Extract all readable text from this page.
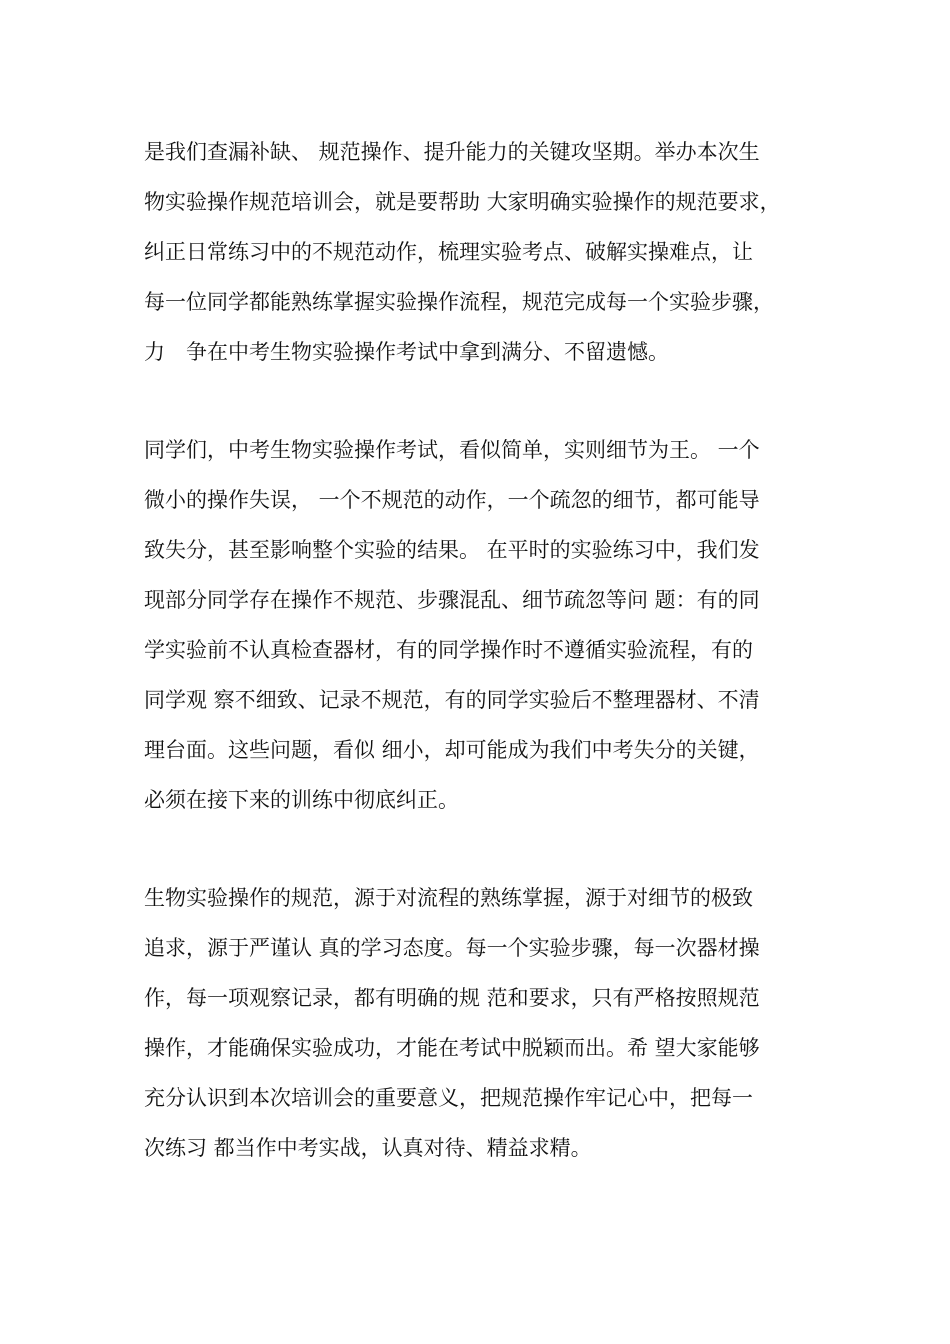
是我们查漏补缺、 规范操作、提升能力的关键攻坚期。举办本次生
物实验操作规范培训会，就是要帮助 大家明确实验操作的规范要求，
纠正日常练习中的不规范动作，梳理实验考点、破解实操难点，让
每一位同学都能熟练掌握实验操作流程，规范完成每一个实验步骤，
力　争在中考生物实验操作考试中拿到满分、不留遗憾。
同学们，中考生物实验操作考试，看似简单，实则细节为王。 一个
微小的操作失误， 一个不规范的动作，一个疏忽的细节，都可能导
致失分，甚至影响整个实验的结果。 在平时的实验练习中，我们发
现部分同学存在操作不规范、步骤混乱、细节疏忽等问 题：有的同
学实验前不认真检查器材，有的同学操作时不遵循实验流程，有的
同学观 察不细致、记录不规范，有的同学实验后不整理器材、不清
理台面。这些问题，看似 细小，却可能成为我们中考失分的关键，
必须在接下来的训练中彻底纠正。
生物实验操作的规范，源于对流程的熟练掌握，源于对细节的极致
追求，源于严谨认 真的学习态度。每一个实验步骤，每一次器材操
作，每一项观察记录，都有明确的规 范和要求，只有严格按照规范
操作，才能确保实验成功，才能在考试中脱颖而出。希 望大家能够
充分认识到本次培训会的重要意义，把规范操作牢记心中，把每一
次练习 都当作中考实战，认真对待、精益求精。
